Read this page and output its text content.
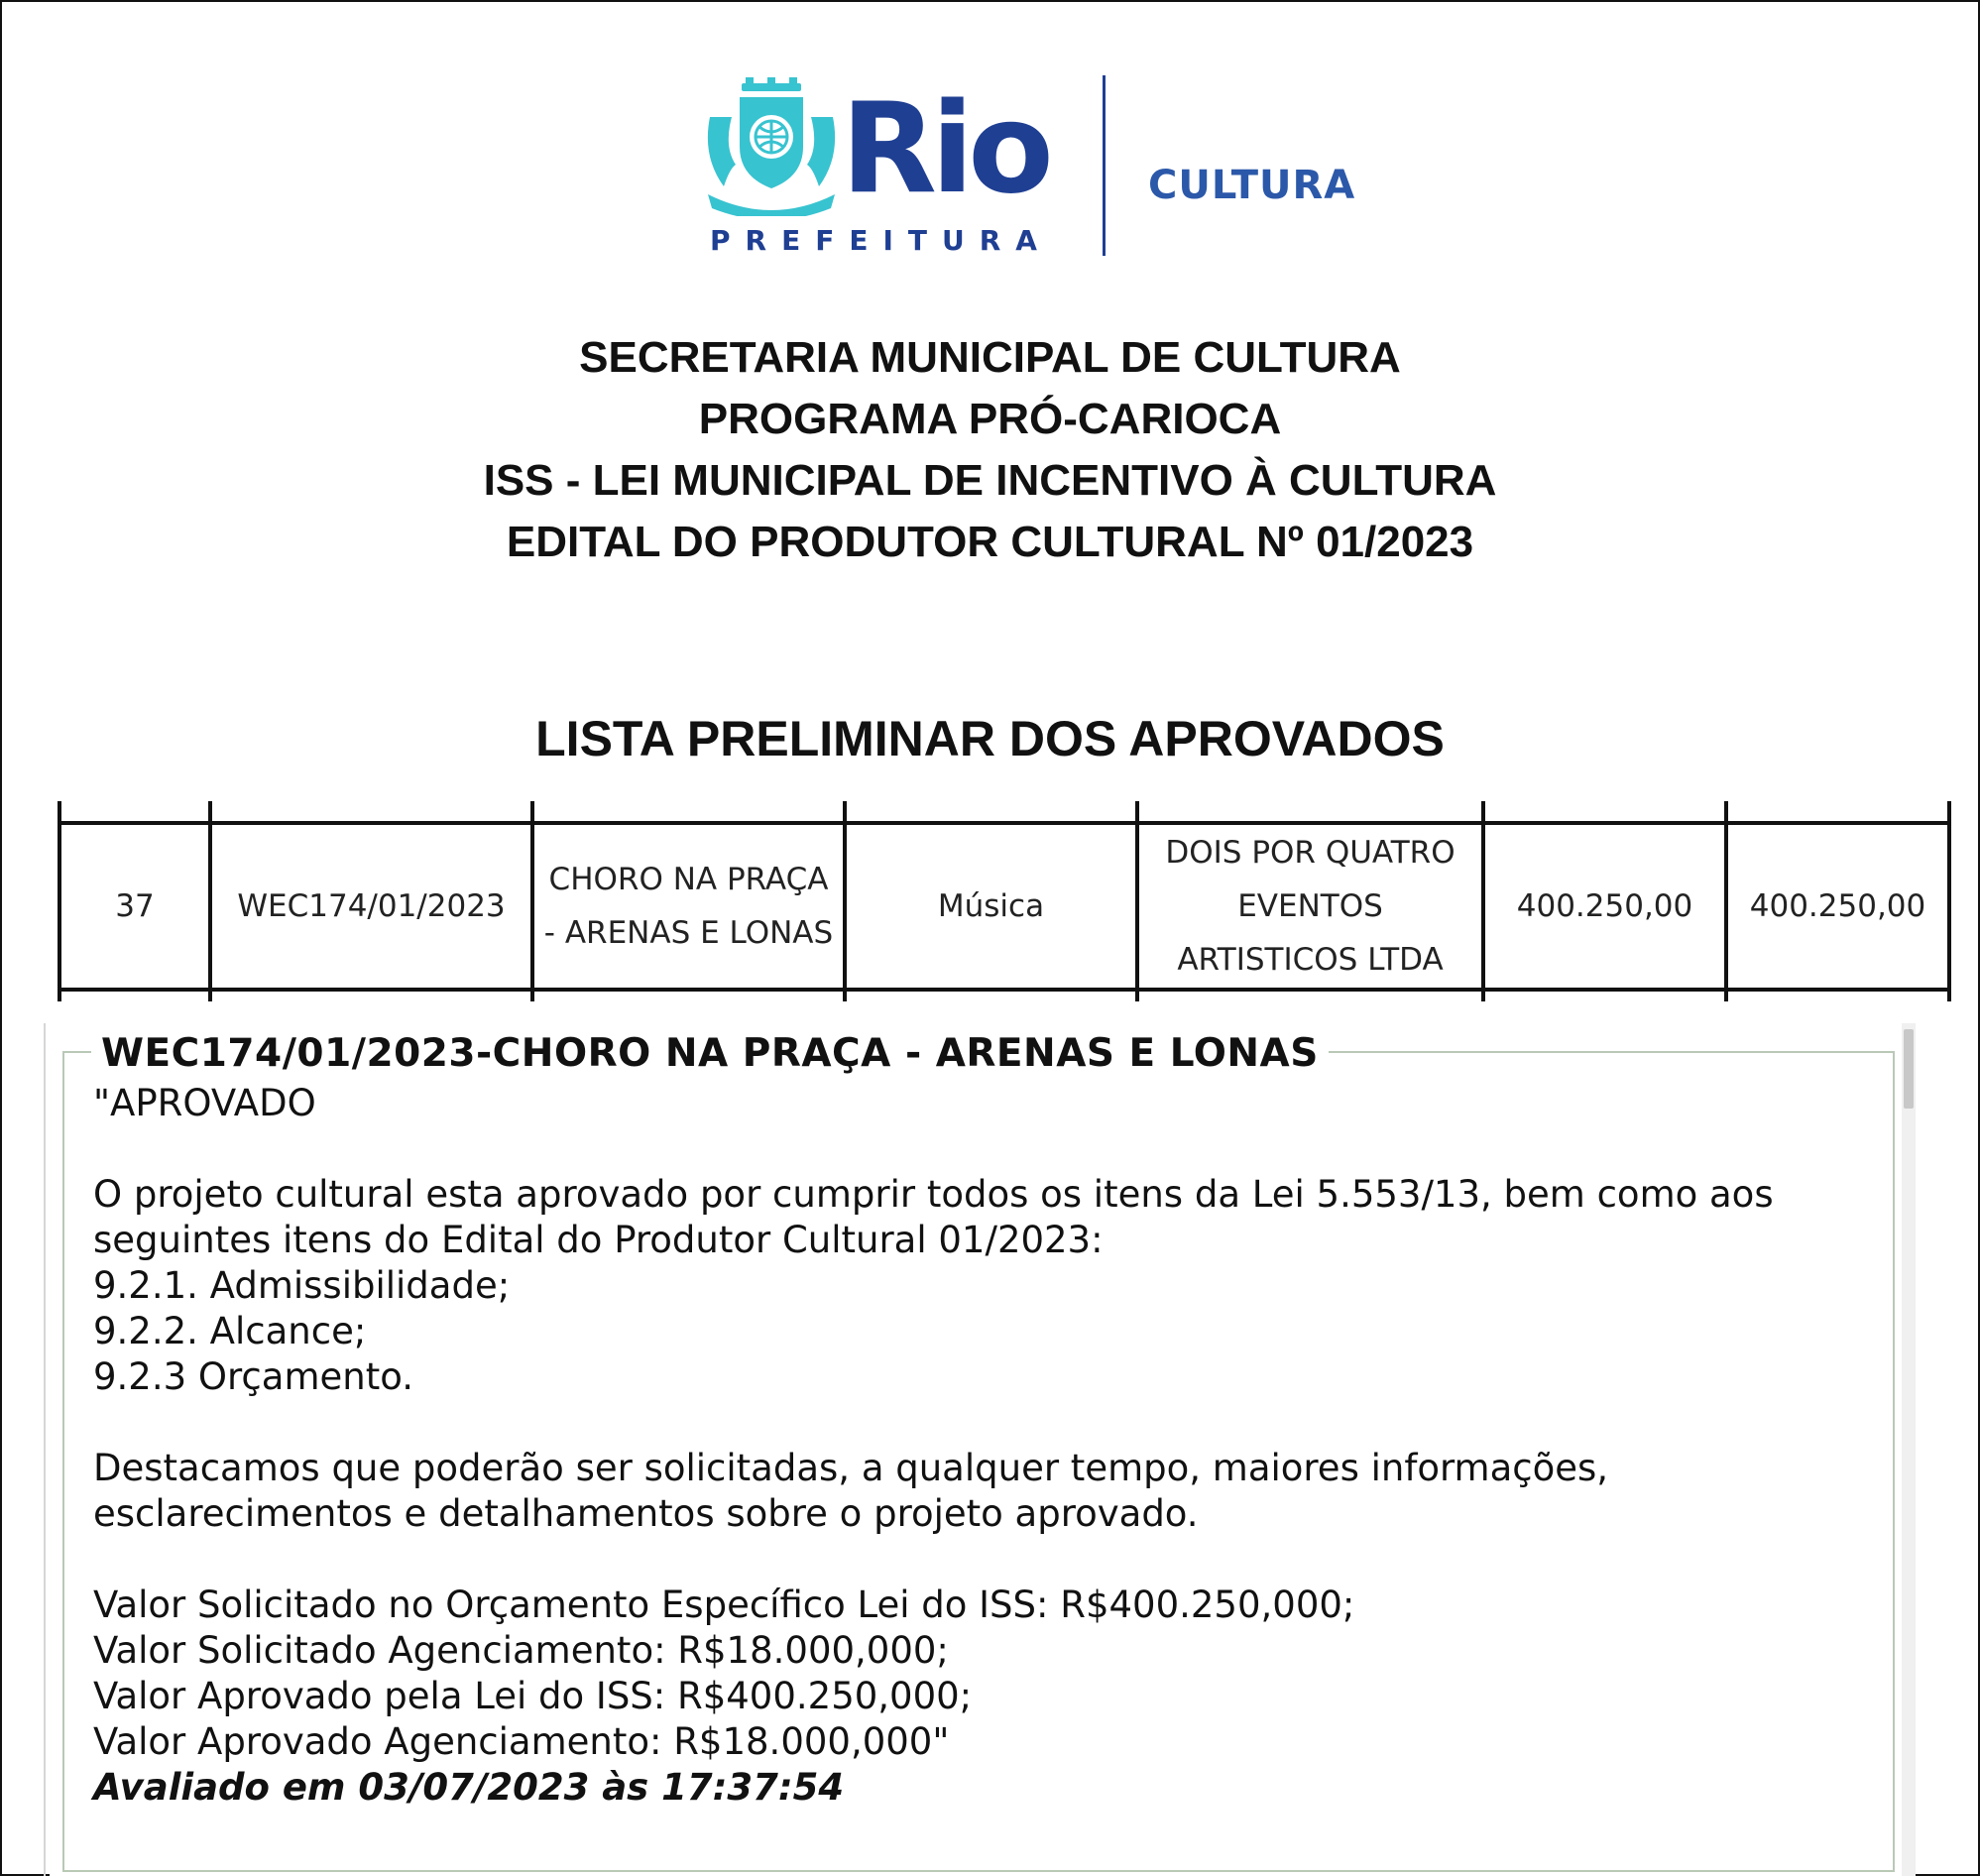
Rio
PREFEITURA
CULTURA
SECRETARIA MUNICIPAL DE CULTURA
PROGRAMA PRÓ-CARIOCA
ISS - LEI MUNICIPAL DE INCENTIVO À CULTURA
EDITAL DO PRODUTOR CULTURAL Nº 01/2023
LISTA PRELIMINAR DOS APROVADOS
37	WEC174/01/2023
CHORO NA PRAÇA
- ARENAS E LONAS
Música
DOIS POR QUATRO
EVENTOS
ARTISTICOS LTDA
400.250,00	400.250,00
WEC174/01/2023-CHORO NA PRAÇA - ARENAS E LONAS

"APROVADO

O projeto cultural esta aprovado por cumprir todos os itens da Lei 5.553/13, bem como aos

seguintes itens do Edital do Produtor Cultural 01/2023:

9.2.1. Admissibilidade;

9.2.2. Alcance;

9.2.3 Orçamento.

Destacamos que poderão ser solicitadas, a qualquer tempo, maiores informações,

esclarecimentos e detalhamentos sobre o projeto aprovado.

Valor Solicitado no Orçamento Específico Lei do ISS: R$400.250,000;

Valor Solicitado Agenciamento: R$18.000,000;

Valor Aprovado pela Lei do ISS: R$400.250,000;

Valor Aprovado Agenciamento: R$18.000,000"

Avaliado em 03/07/2023 às 17:37:54
